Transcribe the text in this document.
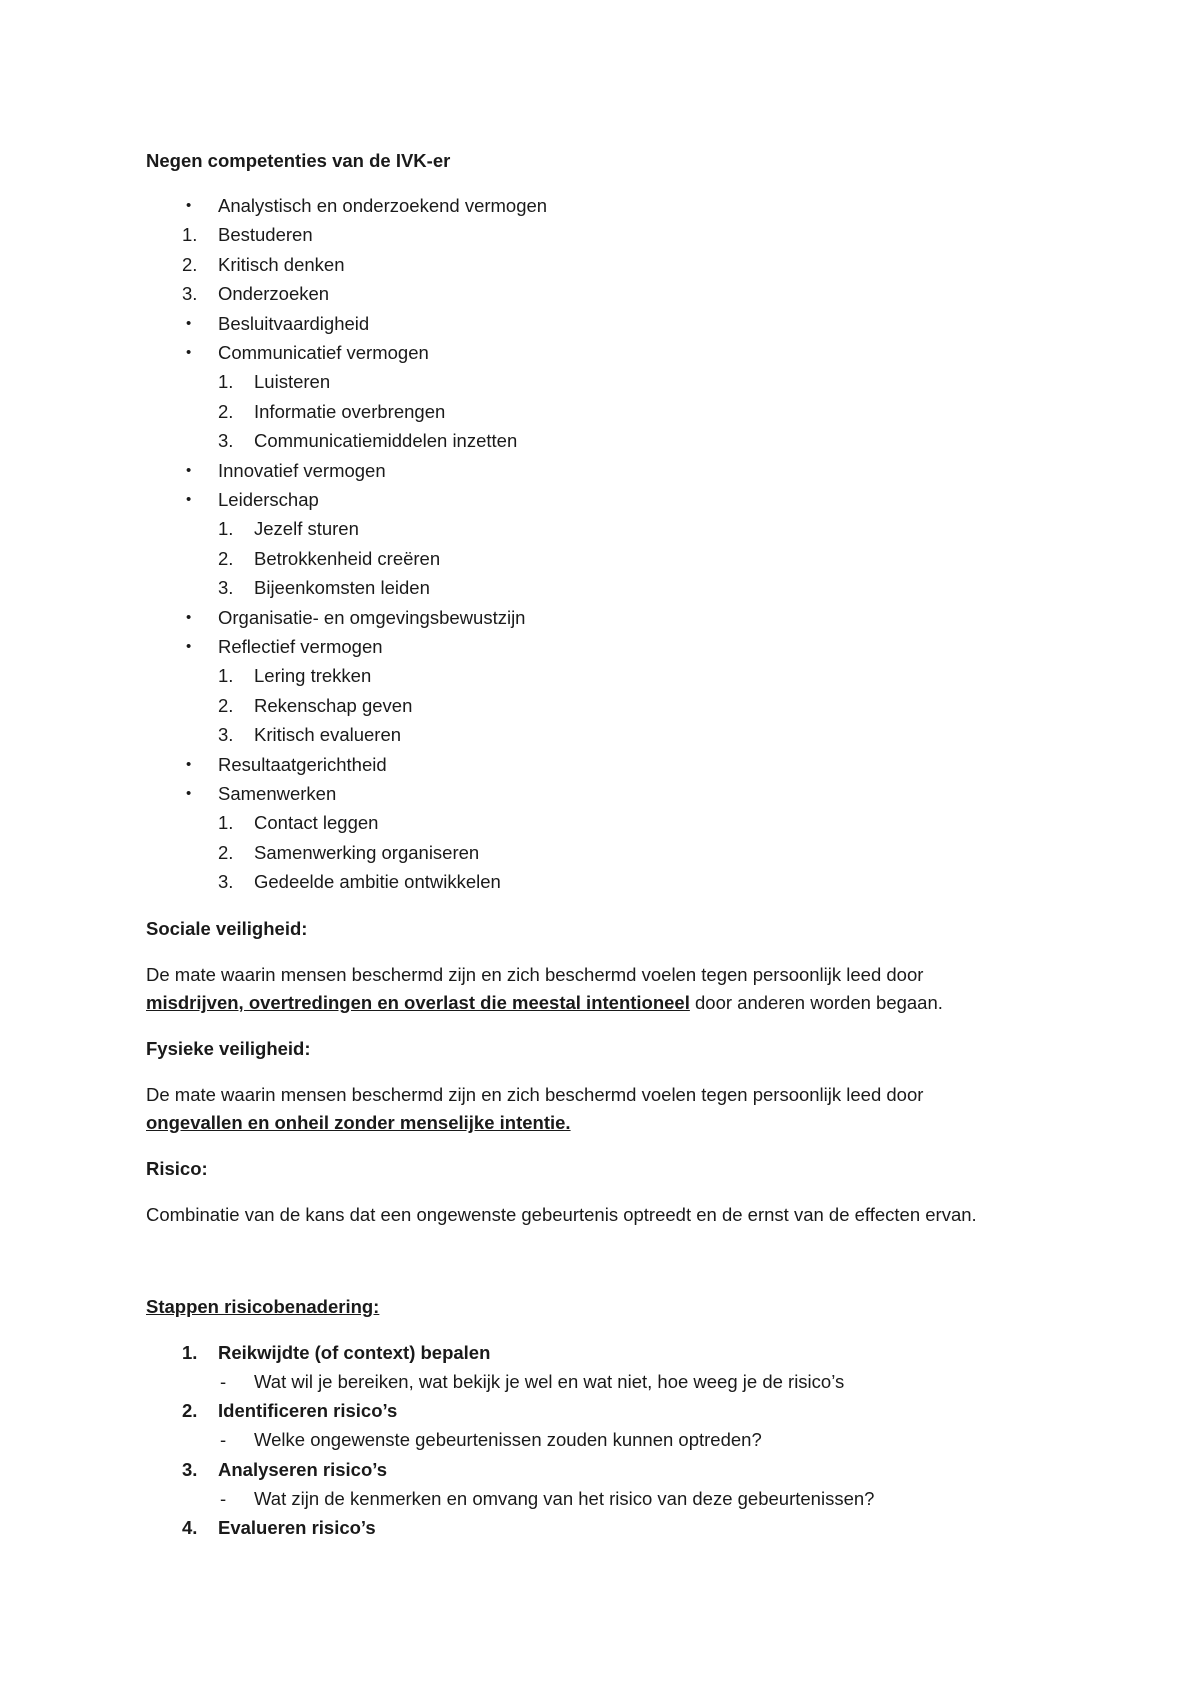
Negen competenties van de IVK-er

• Analystisch en onderzoekend vermogen
1. Bestuderen
2. Kritisch denken
3. Onderzoeken
• Besluitvaardigheid
• Communicatief vermogen
1. Luisteren
2. Informatie overbrengen
3. Communicatiemiddelen inzetten
• Innovatief vermogen
• Leiderschap
1. Jezelf sturen
2. Betrokkenheid creëren
3. Bijeenkomsten leiden
• Organisatie- en omgevingsbewustzijn
• Reflectief vermogen
1. Lering trekken
2. Rekenschap geven
3. Kritisch evalueren
• Resultaatgerichtheid
• Samenwerken
1. Contact leggen
2. Samenwerking organiseren
3. Gedeelde ambitie ontwikkelen

Sociale veiligheid:

De mate waarin mensen beschermd zijn en zich beschermd voelen tegen persoonlijk leed door

misdrijven, overtredingen en overlast die meestal intentioneel door anderen worden begaan.

Fysieke veiligheid:

De mate waarin mensen beschermd zijn en zich beschermd voelen tegen persoonlijk leed door

ongevallen en onheil zonder menselijke intentie.

Risico:

Combinatie van de kans dat een ongewenste gebeurtenis optreedt en de ernst van de effecten ervan.

Stappen risicobenadering:

1. Reikwijdte (of context) bepalen
- Wat wil je bereiken, wat bekijk je wel en wat niet, hoe weeg je de risico’s
2. Identificeren risico’s
- Welke ongewenste gebeurtenissen zouden kunnen optreden?
3. Analyseren risico’s
- Wat zijn de kenmerken en omvang van het risico van deze gebeurtenissen?
4. Evalueren risico’s
